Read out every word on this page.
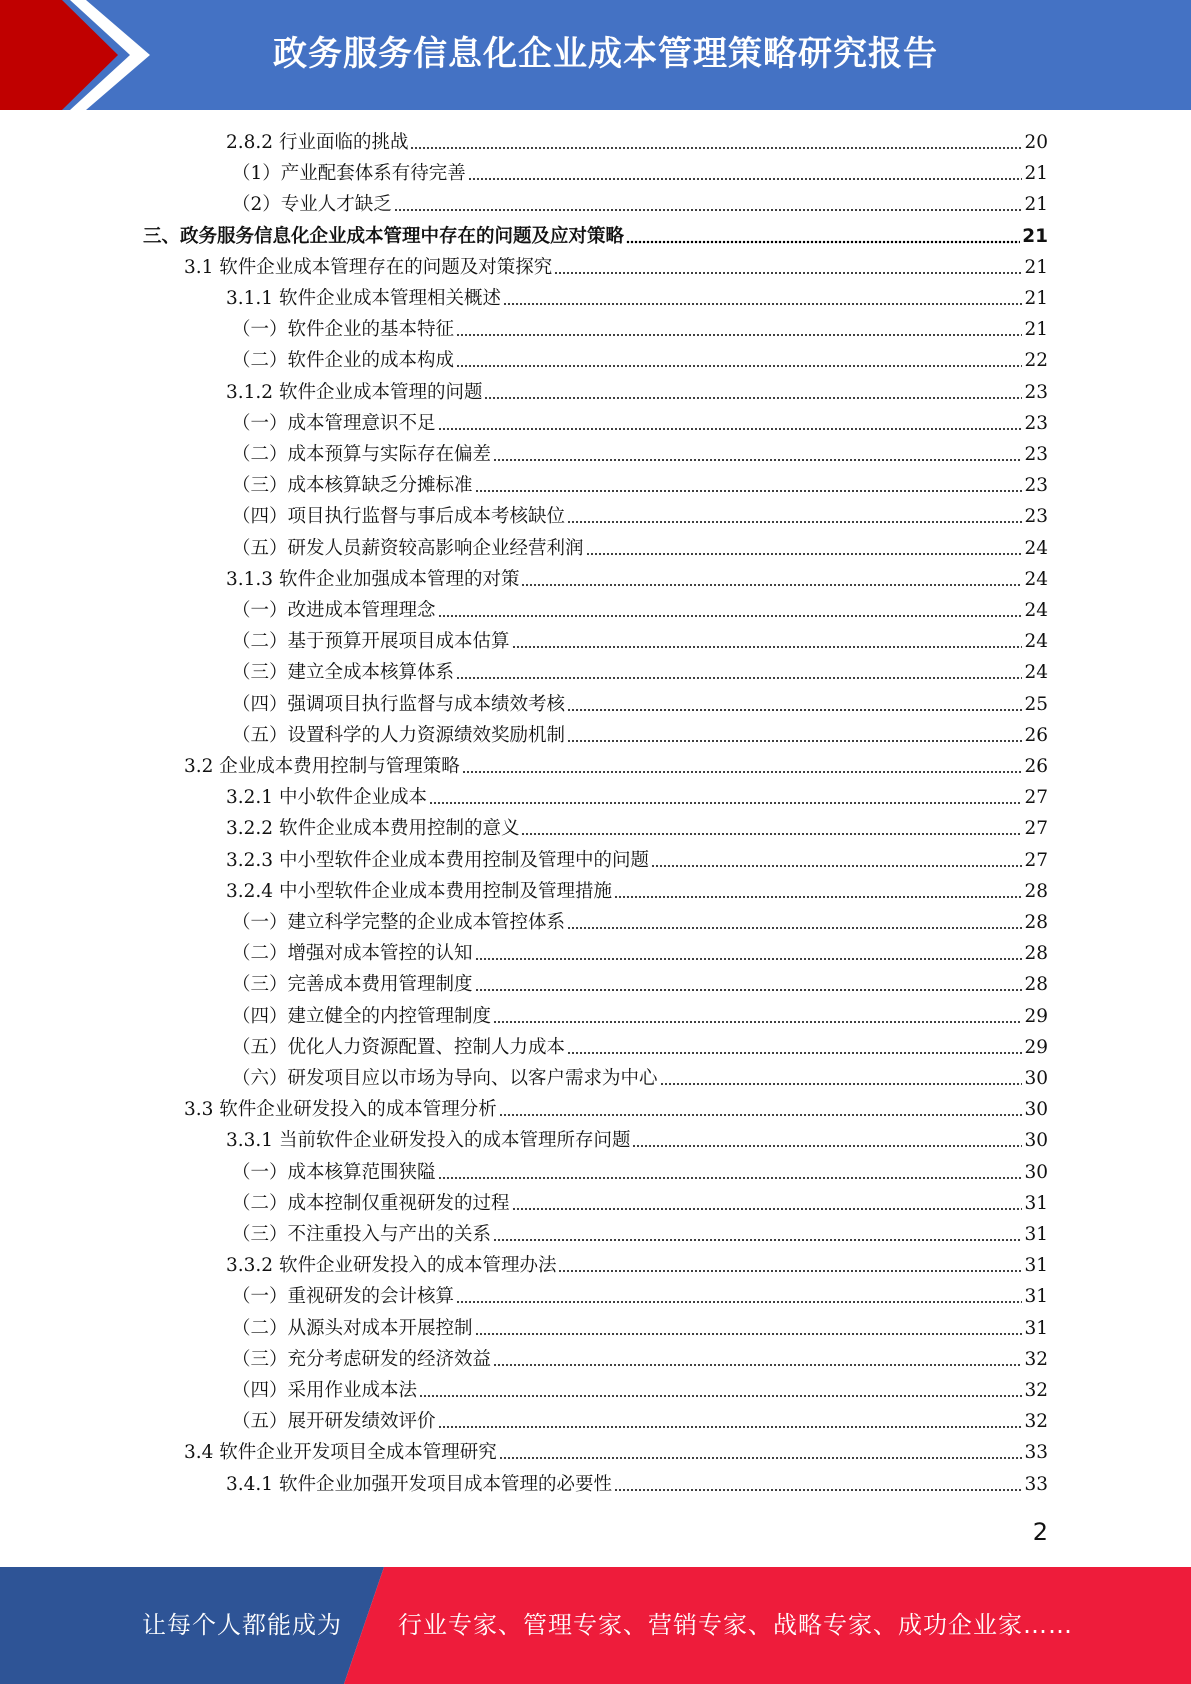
政务服务信息化企业成本管理策略研究报告
2.8.2 行业面临的挑战	20
（1）产业配套体系有待完善	21
（2）专业人才缺乏	21
三、政务服务信息化企业成本管理中存在的问题及应对策略	21
3.1 软件企业成本管理存在的问题及对策探究	21
3.1.1 软件企业成本管理相关概述	21
（一）软件企业的基本特征	21
（二）软件企业的成本构成	22
3.1.2 软件企业成本管理的问题	23
（一）成本管理意识不足	23
（二）成本预算与实际存在偏差	23
（三）成本核算缺乏分摊标准	23
（四）项目执行监督与事后成本考核缺位	23
（五）研发人员薪资较高影响企业经营利润	24
3.1.3 软件企业加强成本管理的对策	24
（一）改进成本管理理念	24
（二）基于预算开展项目成本估算	24
（三）建立全成本核算体系	24
（四）强调项目执行监督与成本绩效考核	25
（五）设置科学的人力资源绩效奖励机制	26
3.2 企业成本费用控制与管理策略	26
3.2.1 中小软件企业成本	27
3.2.2 软件企业成本费用控制的意义	27
3.2.3 中小型软件企业成本费用控制及管理中的问题	27
3.2.4 中小型软件企业成本费用控制及管理措施	28
（一）建立科学完整的企业成本管控体系	28
（二）增强对成本管控的认知	28
（三）完善成本费用管理制度	28
（四）建立健全的内控管理制度	29
（五）优化人力资源配置、控制人力成本	29
（六）研发项目应以市场为导向、以客户需求为中心	30
3.3 软件企业研发投入的成本管理分析	30
3.3.1 当前软件企业研发投入的成本管理所存问题	30
（一）成本核算范围狭隘	30
（二）成本控制仅重视研发的过程	31
（三）不注重投入与产出的关系	31
3.3.2 软件企业研发投入的成本管理办法	31
（一）重视研发的会计核算	31
（二）从源头对成本开展控制	31
（三）充分考虑研发的经济效益	32
（四）采用作业成本法	32
（五）展开研发绩效评价	32
3.4 软件企业开发项目全成本管理研究	33
3.4.1 软件企业加强开发项目成本管理的必要性	33
2
让每个人都能成为 行业专家、管理专家、营销专家、战略专家、成功企业家……
